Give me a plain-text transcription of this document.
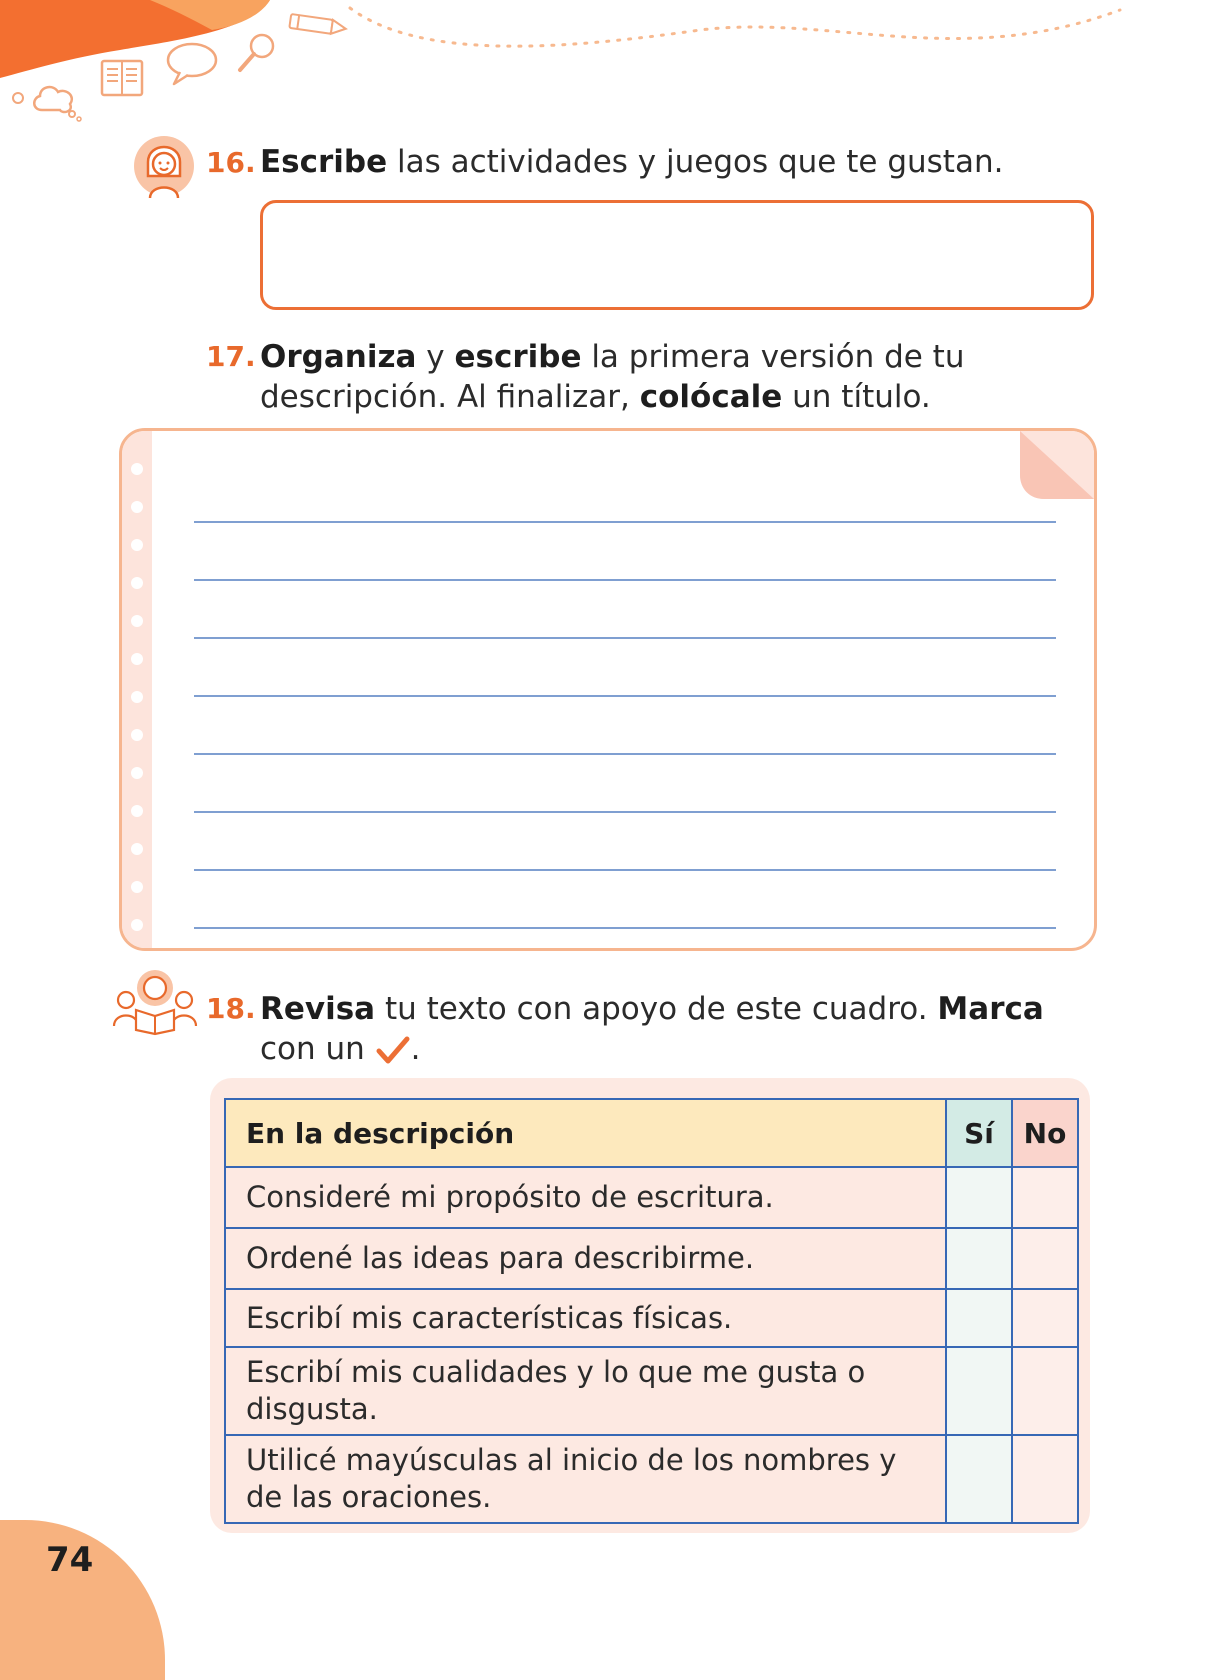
16. Escribe las actividades y juegos que te gustan.
17. Organiza y escribe la primera versión de tu descripción. Al finalizar, colócale un título.
18. Revisa tu texto con apoyo de este cuadro. Marca con un .
En la descripción	Sí	No
Consideré mi propósito de escritura.		
Ordené las ideas para describirme.		
Escribí mis características físicas.		
Escribí mis cualidades y lo que me gusta o disgusta.		
Utilicé mayúsculas al inicio de los nombres y de las oraciones.		
74
